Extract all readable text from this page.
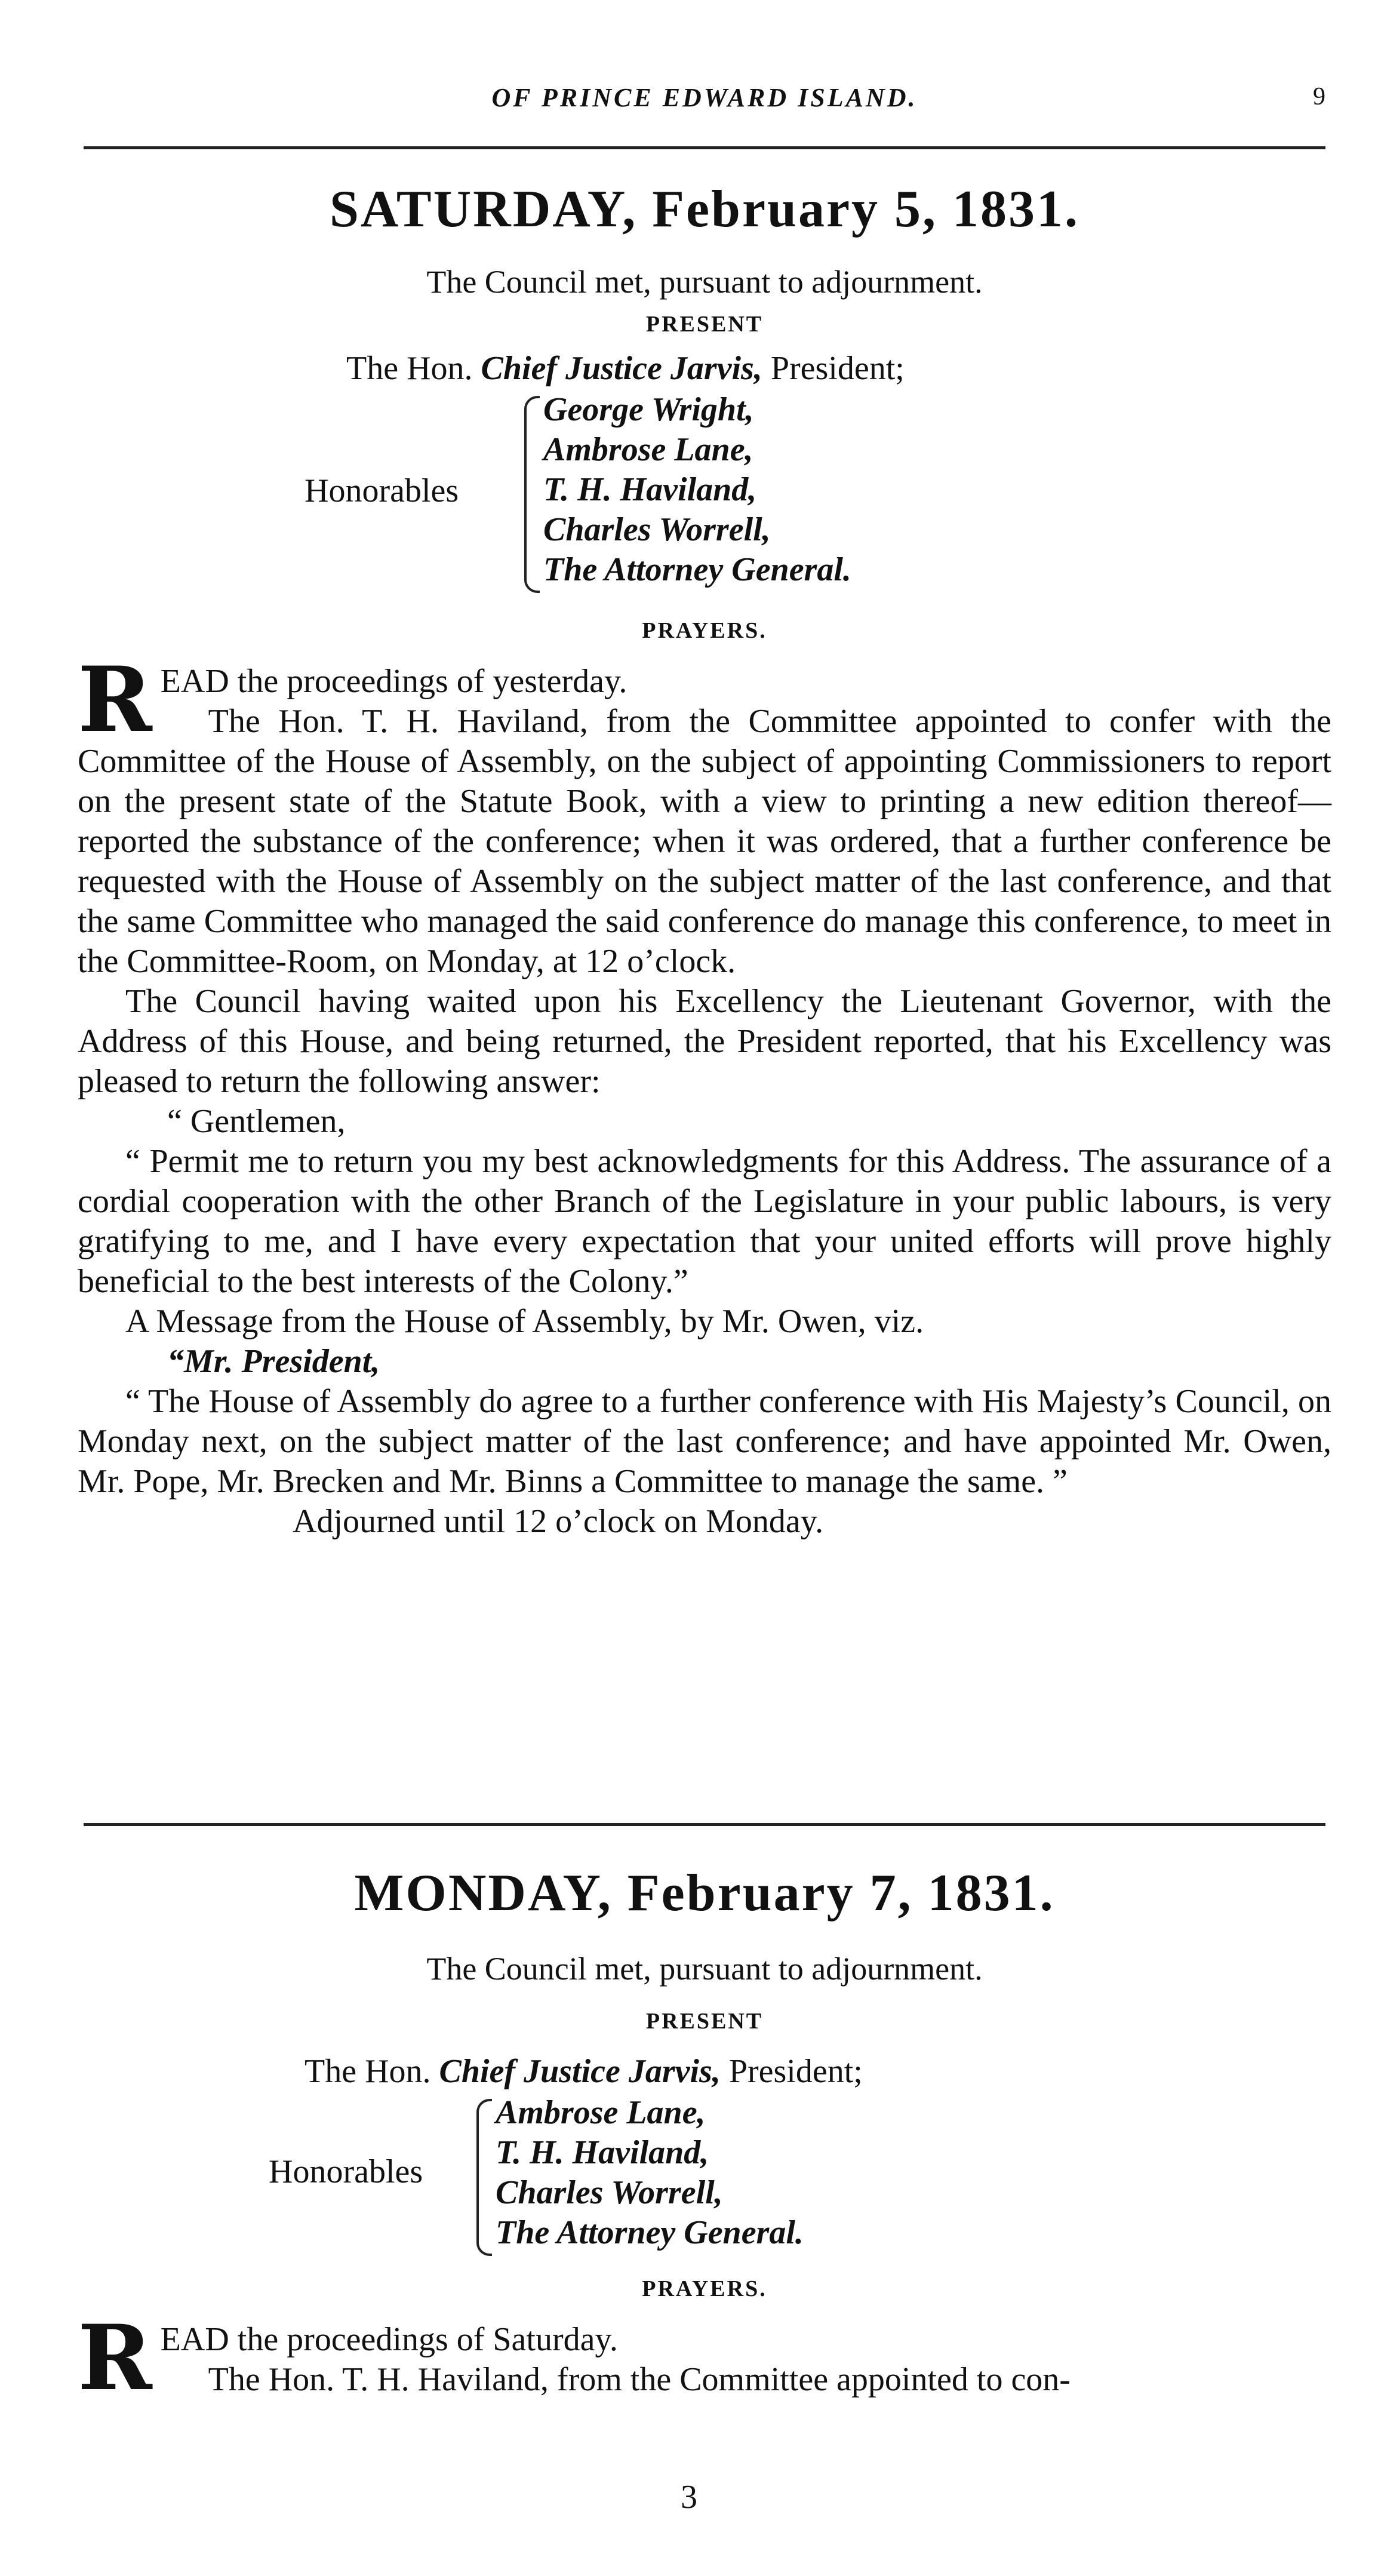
OF PRINCE EDWARD ISLAND.	9
SATURDAY, February 5, 1831.

The Council met, pursuant to adjournment.

PRESENT

The Hon. Chief Justice Jarvis, President;
Honorables
George Wright,
Ambrose Lane,
T. H. Haviland,
Charles Worrell,
The Attorney General.

PRAYERS.

READ the proceedings of yesterday.

The Hon. T. H. Haviland, from the Committee appointed to confer with the Committee of the House of Assembly, on the subject of appointing Commissioners to report on the present state of the Statute Book, with a view to printing a new edition thereof—reported the substance of the conference; when it was ordered, that a further conference be requested with the House of Assembly on the subject matter of the last conference, and that the same Committee who managed the said conference do manage this conference, to meet in the Committee-Room, on Monday, at 12 o’clock.

The Council having waited upon his Excellency the Lieutenant Governor, with the Address of this House, and being returned, the President reported, that his Excellency was pleased to return the following answer:

“ Gentlemen,

“ Permit me to return you my best acknowledgments for this Address. The assurance of a cordial cooperation with the other Branch of the Legislature in your public labours, is very gratifying to me, and I have every expectation that your united efforts will prove highly beneficial to the best interests of the Colony.”

A Message from the House of Assembly, by Mr. Owen, viz.

“Mr. President,

“ The House of Assembly do agree to a further conference with His Majesty’s Council, on Monday next, on the subject matter of the last conference; and have appointed Mr. Owen, Mr. Pope, Mr. Brecken and Mr. Binns a Committee to manage the same. ”

Adjourned until 12 o’clock on Monday.

MONDAY, February 7, 1831.

The Council met, pursuant to adjournment.

PRESENT

The Hon. Chief Justice Jarvis, President;
Honorables
Ambrose Lane,
T. H. Haviland,
Charles Worrell,
The Attorney General.

PRAYERS.

READ the proceedings of Saturday.

The Hon. T. H. Haviland, from the Committee appointed to con-

3
